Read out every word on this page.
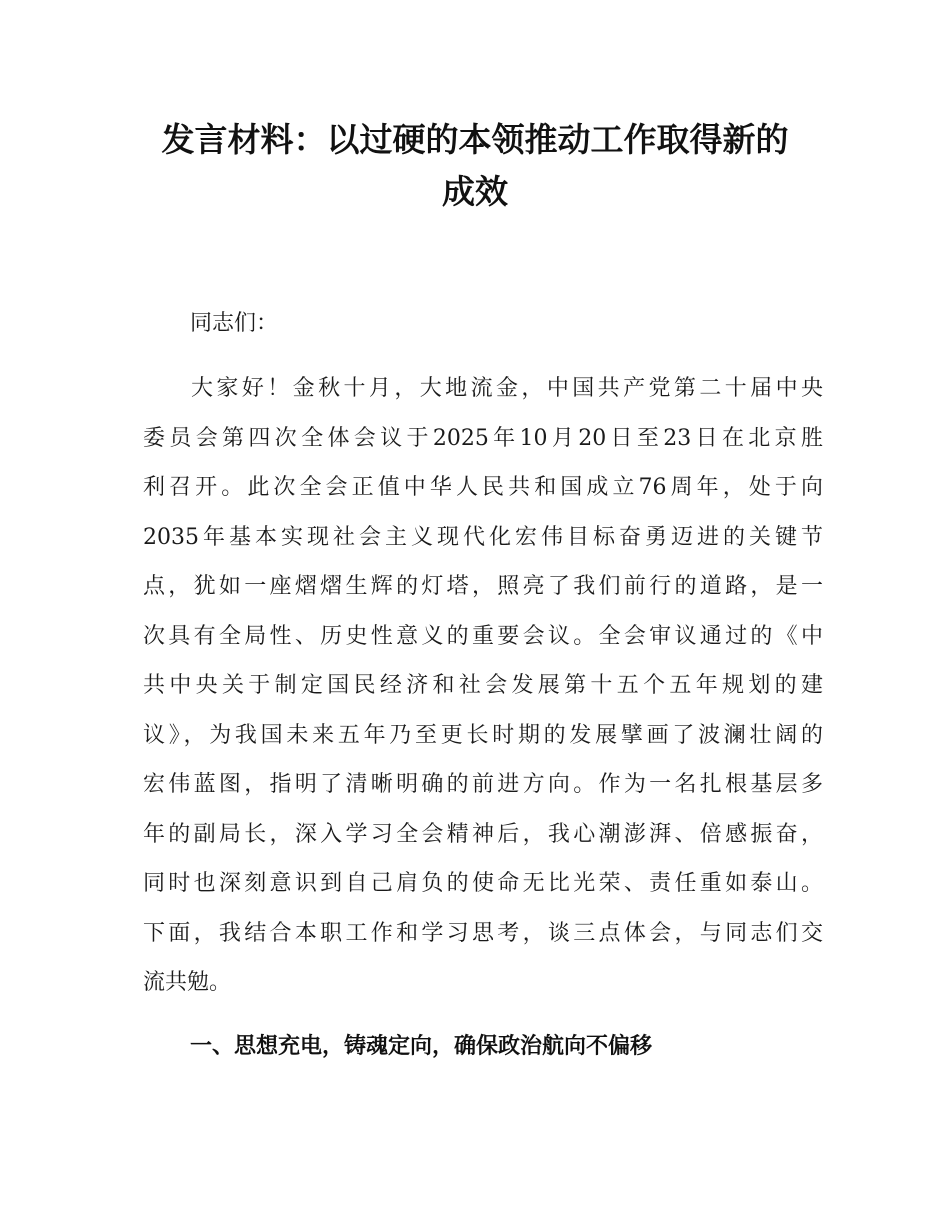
发言材料：以过硬的本领推动工作取得新的
成效
同志们：
大家好！金秋十月，大地流金，中国共产党第二十届中央
委员会第四次全体会议于2025年10月20日至23日在北京胜
利召开。此次全会正值中华人民共和国成立76周年，处于向
2035年基本实现社会主义现代化宏伟目标奋勇迈进的关键节
点，犹如一座熠熠生辉的灯塔，照亮了我们前行的道路，是一
次具有全局性、历史性意义的重要会议。全会审议通过的《中
共中央关于制定国民经济和社会发展第十五个五年规划的建
议》，为我国未来五年乃至更长时期的发展擘画了波澜壮阔的
宏伟蓝图，指明了清晰明确的前进方向。作为一名扎根基层多
年的副局长，深入学习全会精神后，我心潮澎湃、倍感振奋，
同时也深刻意识到自己肩负的使命无比光荣、责任重如泰山。
下面，我结合本职工作和学习思考，谈三点体会，与同志们交
流共勉。
一、思想充电，铸魂定向，确保政治航向不偏移
